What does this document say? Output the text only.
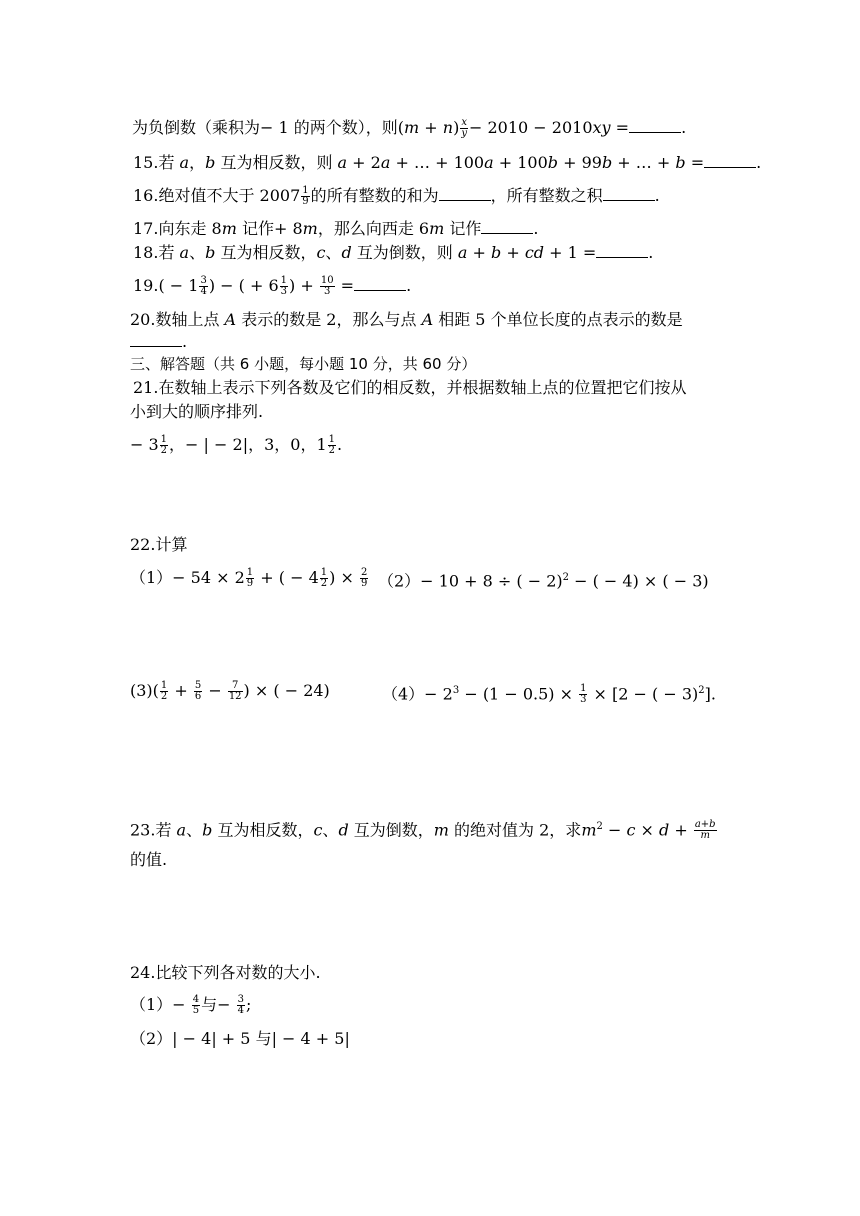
为负倒数（乘积为− 1 的两个数），则$(m + n) \frac{x}{y} - 2010 - 2010xy$ =	.
15.若 a，b 互为相反数，则 a + 2a + … + 100a + 100b + 99b + … + b =	.
16.绝对值不大于 $2007 \frac{1}{9}$ 的所有整数的和为	，所有整数之积	.
17.向东走 8m 记作+ 8m，那么向西走 6m 记作	.
18.若 a、b 互为相反数，c、d 互为倒数，则 a + b + cd + 1 =	.
$19.( - 1 \frac{3}{4}$ ) − ( + $6 \frac{1}{3}$ ) + $\frac{10}{3}$ =	.
20.数轴上点 A 表示的数是 2，那么与点 A 相距 5 个单位长度的点表示的数是
.
三、解答题（共 6 小题，每小题 10 分，共 60 分）
21.在数轴上表示下列各数及它们的相反数，并根据数轴上点的位置把它们按从
小到大的顺序排列.
− $3 \frac{1}{2}$ ，− | − 2|，3，0，$1 \frac{1}{2}$ .
22.计算
$(1)- 54 \times 2 \frac{1}{9}$ + ( − $4 \frac{1}{2}$ ) × $\frac{2}{9} (2)- 10 + 8$ ÷ ( − 2)$^2$ − ( − 4) × ( − 3)
$(3)( \frac{1}{2} + \frac{5}{6} - \frac{7}{12}$ ) × ( − 24)	$(4)- 2^3 - (1 - 0.5) \times \frac{1}{3} \times [2$ − ( − 3)$^2$].
23.若 a、b 互为相反数，c、d 互为倒数，m 的绝对值为 2，求$m^2 - c \times d + \frac{a+b}{m}$
的值.
24.比较下列各对数的大小.
$(1)- \frac{4}{5}$ 与− $\frac{3}{4}$ ;
（2）| − 4| + 5 与| − 4 + 5|
